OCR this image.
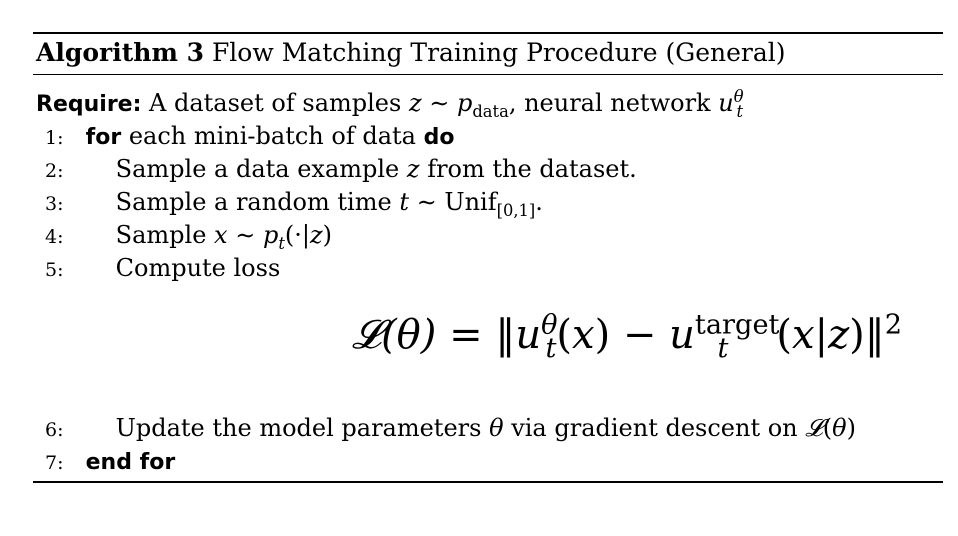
Algorithm 3 Flow Matching Training Procedure (General)
Require: A dataset of samples z ∼ $p_{data}$, neural network $u^\theta_t$
1: for each mini-batch of data do
2: Sample a data example z from the dataset.
3: Sample a random time t ∼ Unif$_{[0,1]}$.
4: Sample x ∼ $p_t(\cdot|z)$
5: Compute loss
𝓛(θ) = $‖u^\theta_t(x) - u^{target}_t$ (x|z)‖$^2$
6: Update the model parameters θ via gradient descent on 𝓛(θ)
7: end for
